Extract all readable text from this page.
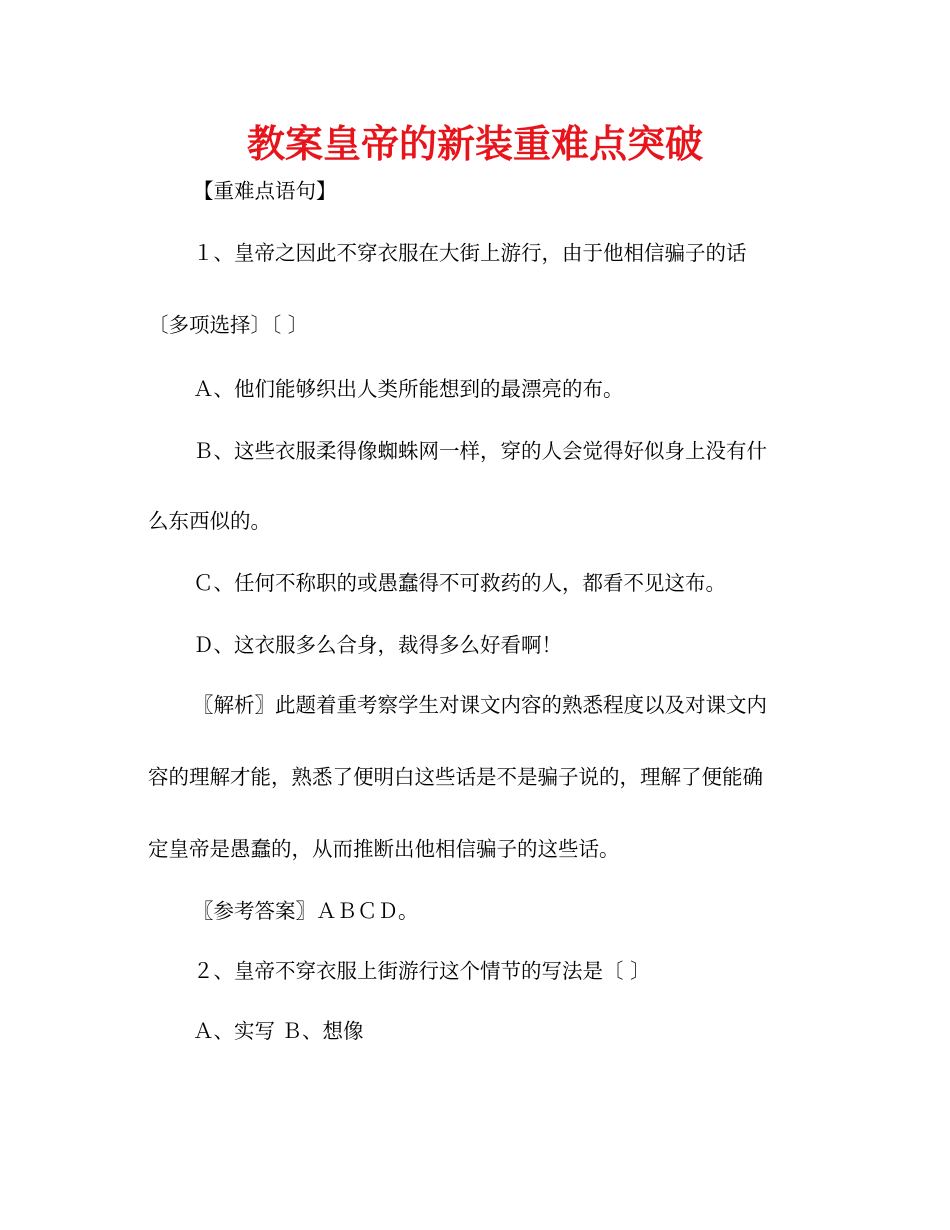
教案皇帝的新装重难点突破
【重难点语句】
１、皇帝之因此不穿衣服在大街上游行，由于他相信骗子的话
〔多项选择〕〔 〕
Ａ、他们能够织出人类所能想到的最漂亮的布。
Ｂ、这些衣服柔得像蜘蛛网一样，穿的人会觉得好似身上没有什
么东西似的。
Ｃ、任何不称职的或愚蠢得不可救药的人，都看不见这布。
Ｄ、这衣服多么合身，裁得多么好看啊！
〖解析〗此题着重考察学生对课文内容的熟悉程度以及对课文内
容的理解才能，熟悉了便明白这些话是不是骗子说的，理解了便能确
定皇帝是愚蠢的，从而推断出他相信骗子的这些话。
〖参考答案〗ＡＢＣＤ。
２、皇帝不穿衣服上街游行这个情节的写法是〔 〕
Ａ、实写 Ｂ、想像
